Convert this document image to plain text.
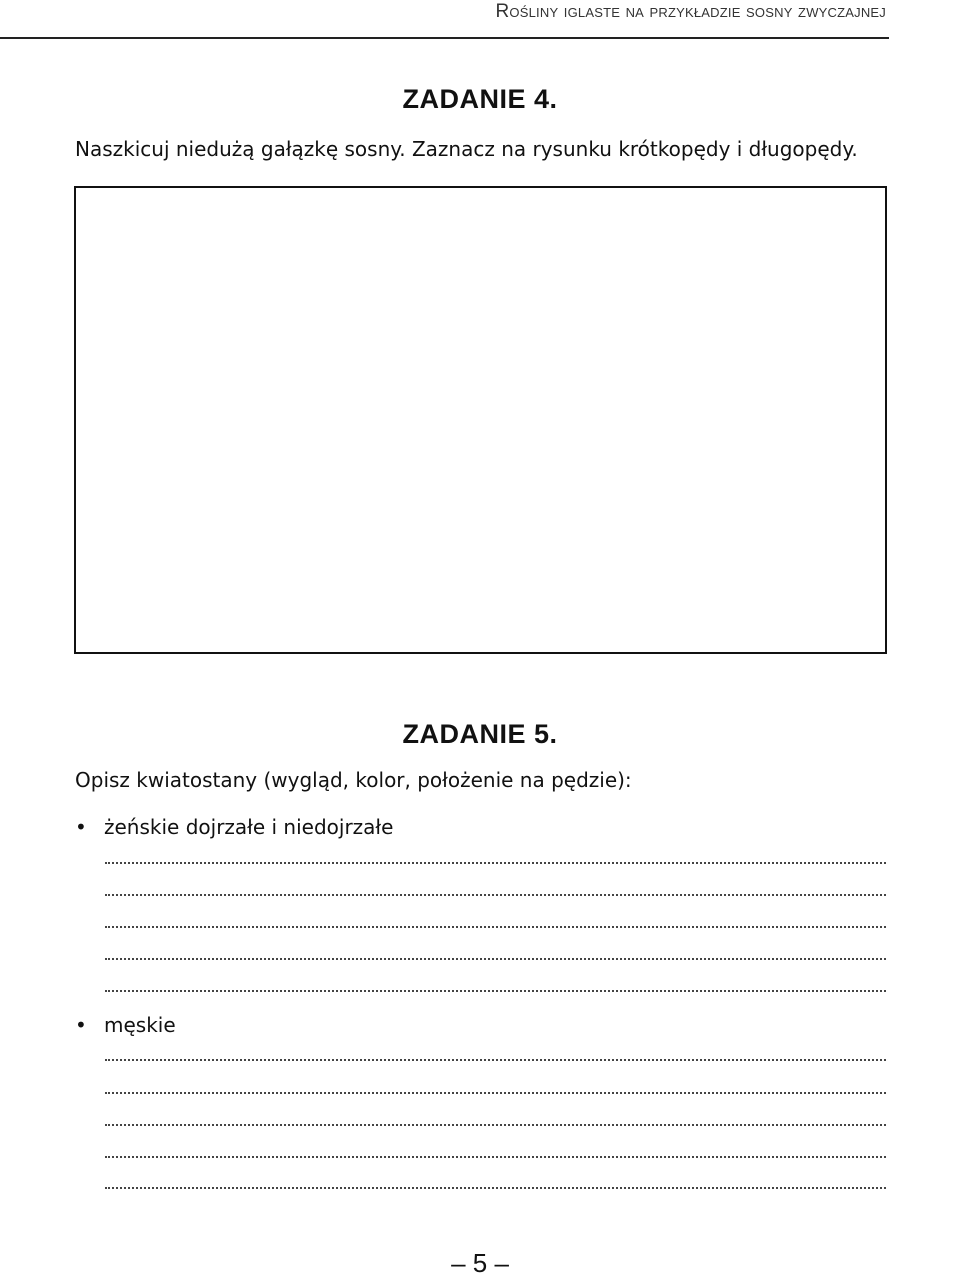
Rośliny iglaste na przykładzie sosny zwyczajnej
ZADANIE 4.
Naszkicuj niedużą gałązkę sosny. Zaznacz na rysunku krótkopędy i długopędy.
ZADANIE 5.
Opisz kwiatostany (wygląd, kolor, położenie na pędzie):
• żeńskie dojrzałe i niedojrzałe
• męskie
– 5 –
